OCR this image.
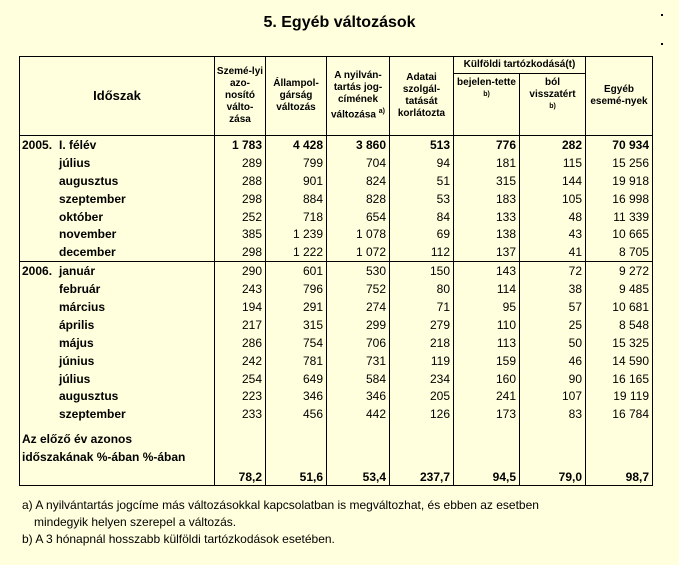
5. Egyéb változások
Időszak	Szemé-lyi azo-nosító válto-zása	Állampol-gárság változás	A nyilván-tartás jog-címének változása $^{a)}$	Adatai szolgál-tatását korlátozta	Külföldi tartózkodásá(t)		Egyéb esemé-nyek
					bejelen-tette $^{b)}$	ból visszatért
$^{b)}$
2005. I. félév	1 783	4 428	3 860	513	776	282	70 934
július	289	799	704	94	181	115	15 256
augusztus	288	901	824	51	315	144	19 918
szeptember	298	884	828	53	183	105	16 998
október	252	718	654	84	133	48	11 339
november	385	1 239	1 078	69	138	43	10 665
december	298	1 222	1 072	112	137	41	8 705
2006. január	290	601	530	150	143	72	9 272
február	243	796	752	80	114	38	9 485
március	194	291	274	71	95	57	10 681
április	217	315	299	279	110	25	8 548
május	286	754	706	218	113	50	15 325
június	242	781	731	119	159	46	14 590
július	254	649	584	234	160	90	16 165
augusztus	223	346	346	205	241	107	19 119
szeptember	233	456	442	126	173	83	16 784

Az előző év azonos
időszakának %-ában %-ában	78,2	51,6	53,4	237,7	94,5	79,0	98,7
a) A nyilvántartás jogcíme más változásokkal kapcsolatban is megváltozhat, és ebben az esetben
mindegyik helyen szerepel a változás.
b) A 3 hónapnál hosszabb külföldi tartózkodások esetében.
